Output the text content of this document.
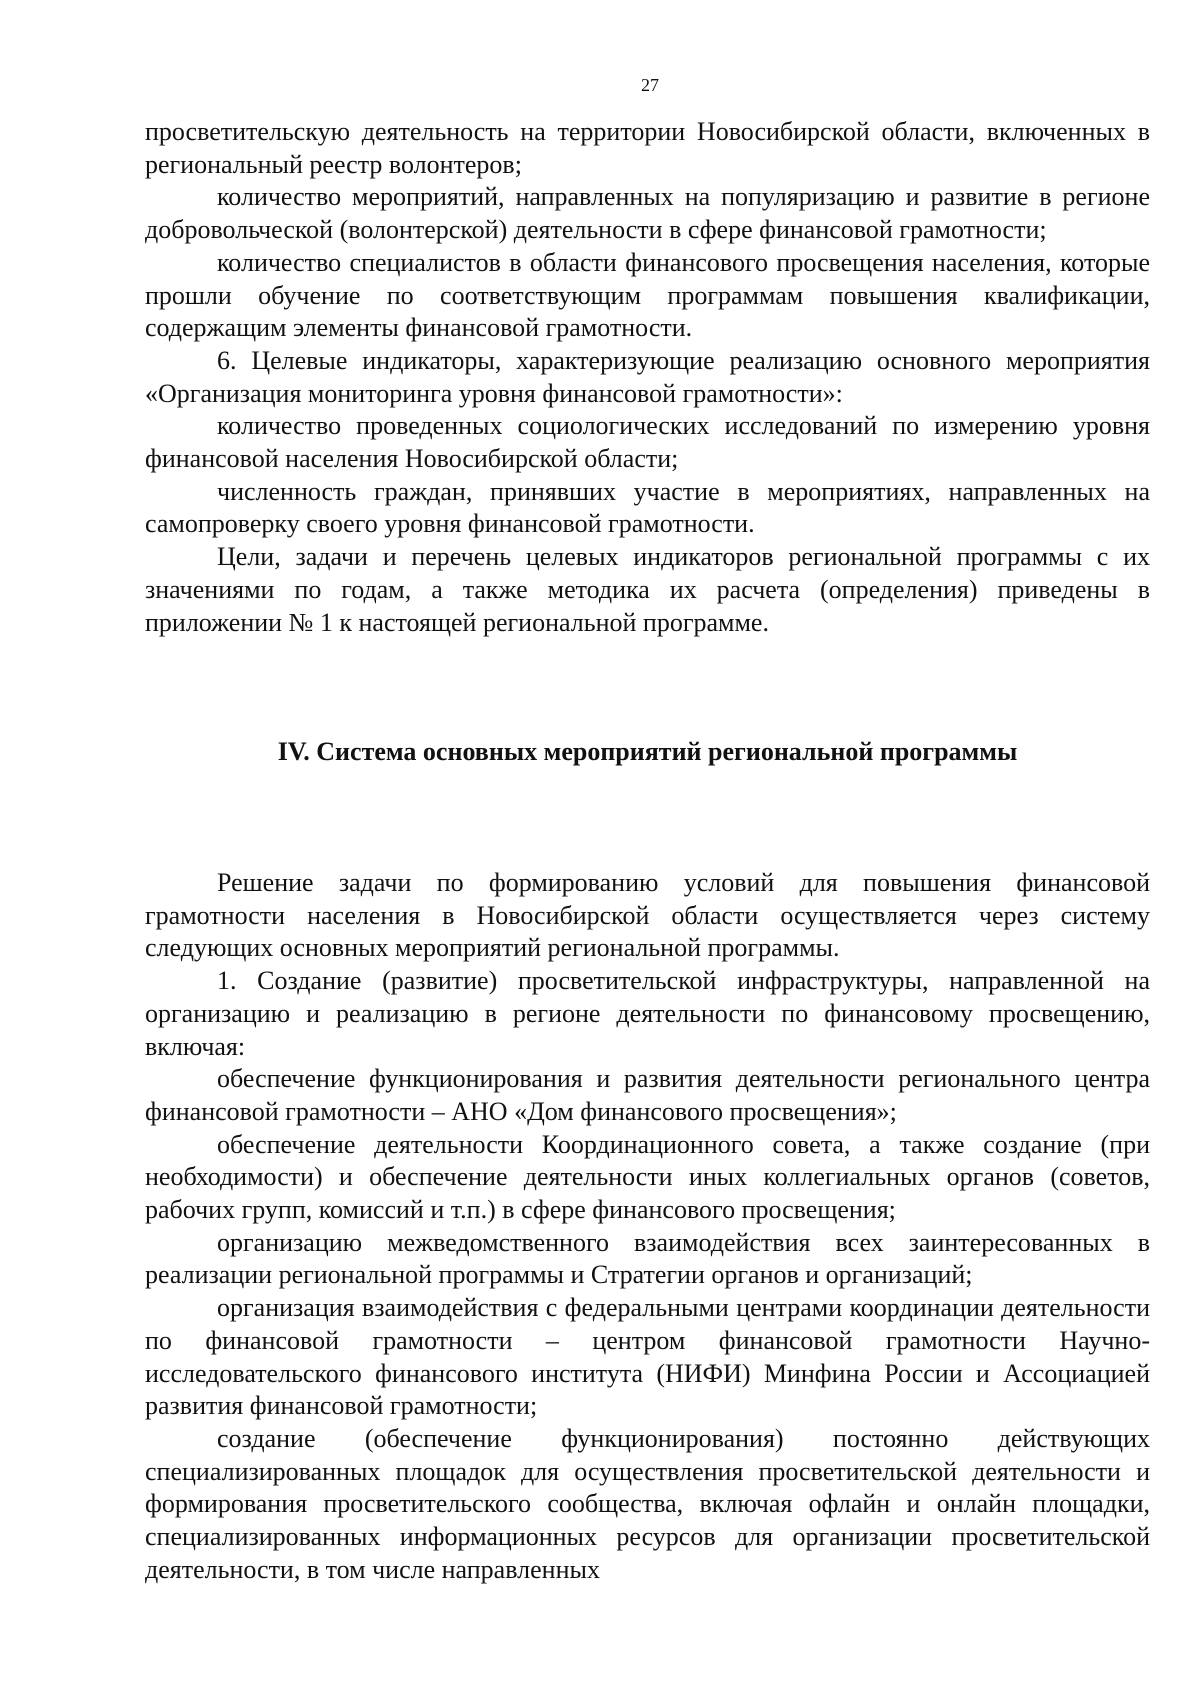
27

просветительскую деятельность на территории Новосибирской области, включенных в региональный реестр волонтеров;

количество мероприятий, направленных на популяризацию и развитие в регионе добровольческой (волонтерской) деятельности в сфере финансовой грамотности;

количество специалистов в области финансового просвещения населения, которые прошли обучение по соответствующим программам повышения квалификации, содержащим элементы финансовой грамотности.

6. Целевые индикаторы, характеризующие реализацию основного мероприятия «Организация мониторинга уровня финансовой грамотности»:

количество проведенных социологических исследований по измерению уровня финансовой населения Новосибирской области;

численность граждан, принявших участие в мероприятиях, направленных на самопроверку своего уровня финансовой грамотности.

Цели, задачи и перечень целевых индикаторов региональной программы с их значениями по годам, а также методика их расчета (определения) приведены в приложении № 1 к настоящей региональной программе.

IV. Система основных мероприятий региональной программы

Решение задачи по формированию условий для повышения финансовой грамотности населения в Новосибирской области осуществляется через систему следующих основных мероприятий региональной программы.

1. Создание (развитие) просветительской инфраструктуры, направленной на организацию и реализацию в регионе деятельности по финансовому просвещению, включая:

обеспечение функционирования и развития деятельности регионального центра финансовой грамотности – АНО «Дом финансового просвещения»;

обеспечение деятельности Координационного совета, а также создание (при необходимости) и обеспечение деятельности иных коллегиальных органов (советов, рабочих групп, комиссий и т.п.) в сфере финансового просвещения;

организацию межведомственного взаимодействия всех заинтересованных в реализации региональной программы и Стратегии органов и организаций;

организация взаимодействия с федеральными центрами координации деятельности по финансовой грамотности – центром финансовой грамотности Научно-исследовательского финансового института (НИФИ) Минфина России и Ассоциацией развития финансовой грамотности;

создание (обеспечение функционирования) постоянно действующих специализированных площадок для осуществления просветительской деятельности и формирования просветительского сообщества, включая офлайн и онлайн площадки, специализированных информационных ресурсов для организации просветительской деятельности, в том числе направленных
